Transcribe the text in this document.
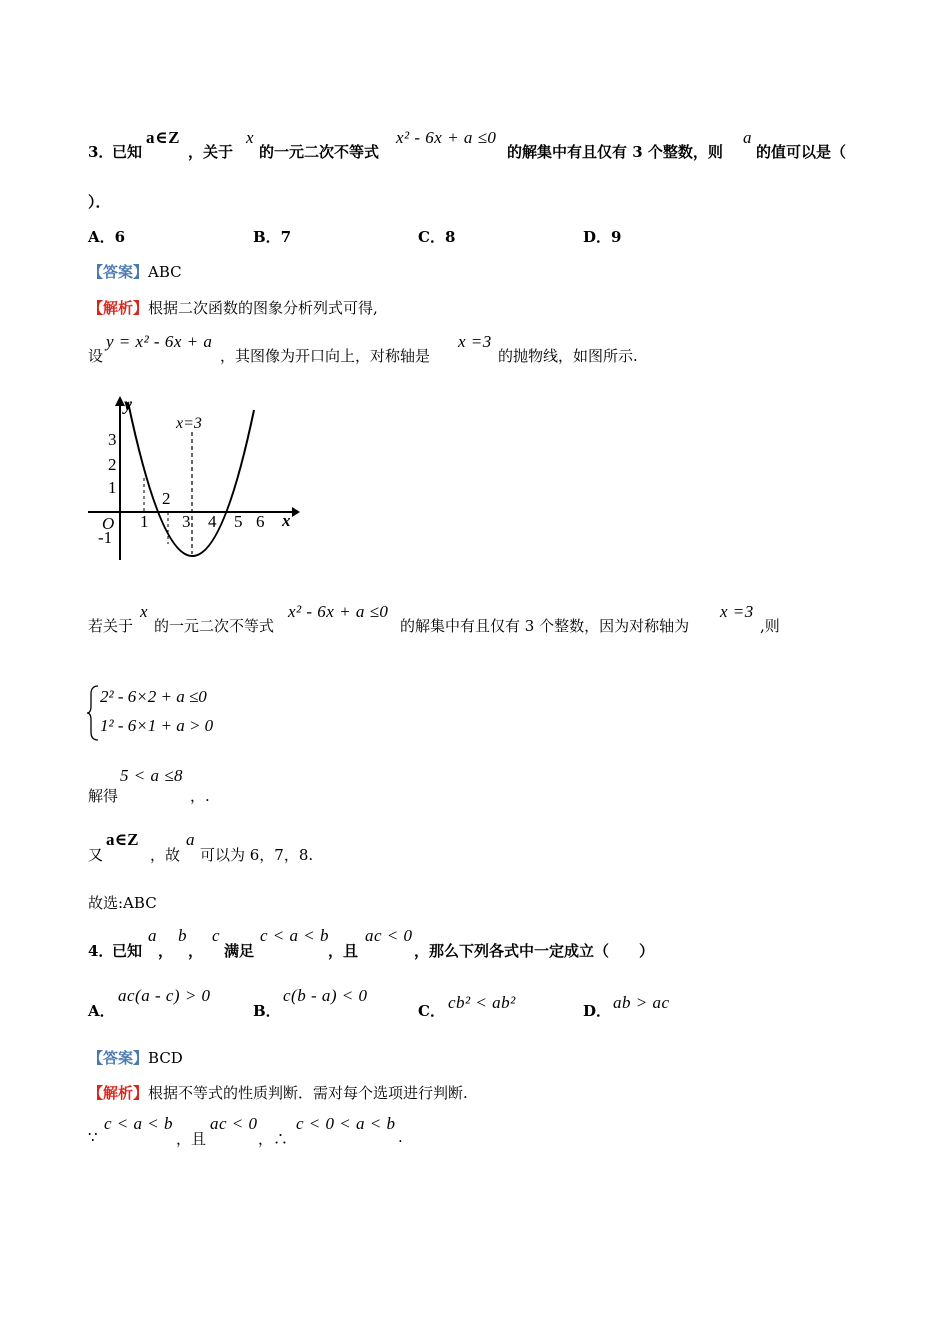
3．
已知
a∈Z
，关于
x
的一元二次不等式
x² - 6x + a ≤0
的解集中有且仅有 3 个整数，则
a
的值可以是（
）．
A．6	B．7	C．8	D．9
【答案】ABC
【解析】根据二次函数的图象分析列式可得,
设
y = x² - 6x + a
，其图像为开口向上，对称轴是
x =3
的抛物线，如图所示.
y
x
O
3
2
1
-1
1 3 4 5 6
2
x=3
若关于
x
的一元二次不等式
x² - 6x + a ≤0
的解集中有且仅有 3 个整数，因为对称轴为
x =3
,则
2² - 6×2 + a ≤0
1² - 6×1 + a > 0
5 < a ≤8
解得	，.
又
a∈Z
，故
a
可以为 6，7，8.
故选:ABC
4．
已知
a
，
b
，
c
满足
c < a < b
，且
ac < 0
，那么下列各式中一定成立（　　）
A．
ac(a - c) > 0
B．
c(b - a) < 0
C． cb² < ab²	D． ab > ac
【答案】BCD
【解析】根据不等式的性质判断．需对每个选项进行判断.
∵
c < a < b
，且
ac < 0
，∴
c < 0 < a < b
.
